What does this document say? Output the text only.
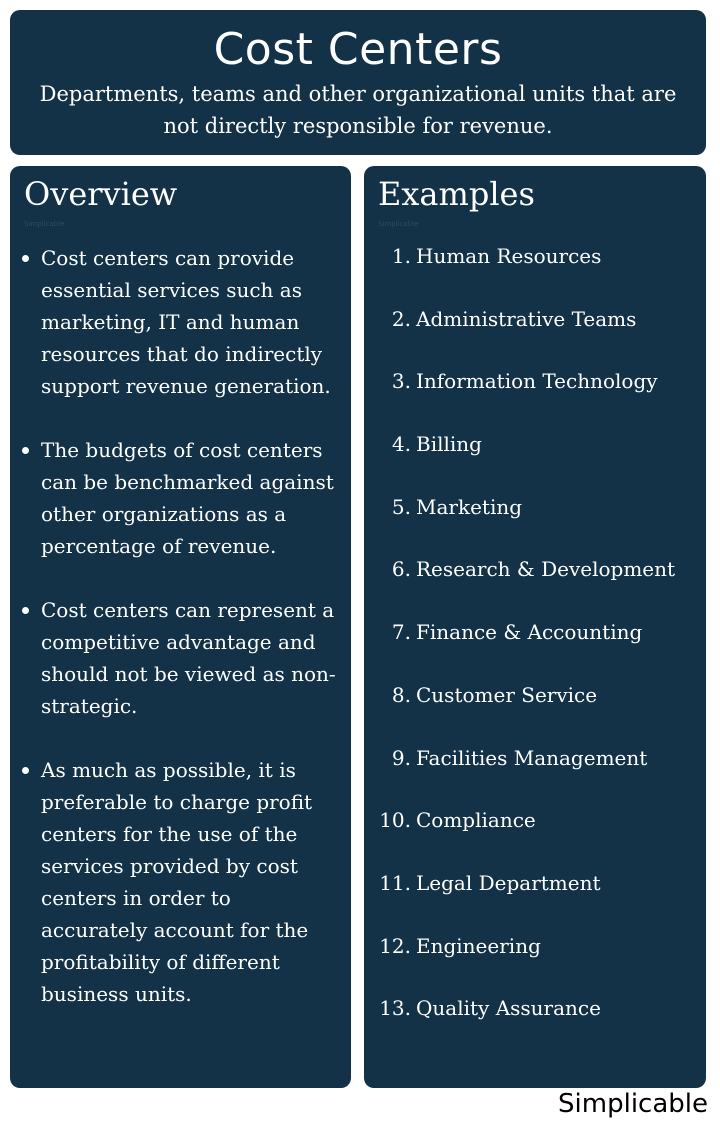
Cost Centers
Departments, teams and other organizational units that are not directly responsible for revenue.
Overview
Simplicable
Cost centers can provide essential services such as marketing, IT and human resources that do indirectly support revenue generation.
The budgets of cost centers can be benchmarked against other organizations as a percentage of revenue.
Cost centers can represent a competitive advantage and should not be viewed as non-strategic.
As much as possible, it is preferable to charge profit centers for the use of the services provided by cost centers in order to accurately account for the profitability of different business units.
Examples
Simplicable
1. Human Resources
2. Administrative Teams
3. Information Technology
4. Billing
5. Marketing
6. Research & Development
7. Finance & Accounting
8. Customer Service
9. Facilities Management
10. Compliance
11. Legal Department
12. Engineering
13. Quality Assurance
Simplicable
